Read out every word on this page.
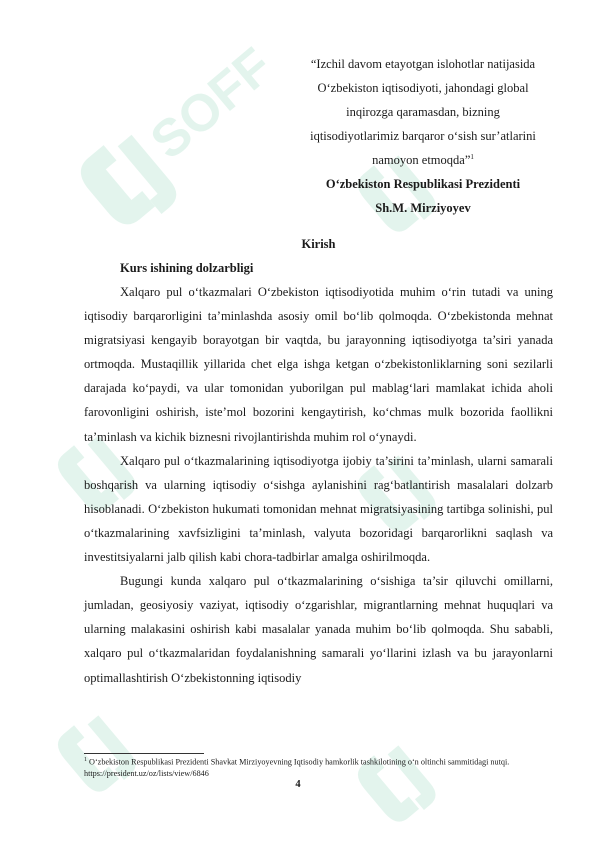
SOFF	“Izchil davom etayotgan islohotlar natijasida
O‘zbekiston iqtisodiyoti, jahondagi global
inqirozga qaramasdan, bizning
iqtisodiyotlarimiz barqaror o‘sish sur’atlarini
namoyon etmoqda”$^1$
O‘zbekiston Respublikasi Prezidenti
Sh.M. Mirziyoyev
Kirish
Kurs ishining dolzarbligi

Xalqaro pul o‘tkazmalari O‘zbekiston iqtisodiyotida muhim o‘rin tutadi va uning iqtisodiy barqarorligini ta’minlashda asosiy omil bo‘lib qolmoqda. O‘zbekistonda mehnat migratsiyasi kengayib borayotgan bir vaqtda, bu jarayonning iqtisodiyotga ta’siri yanada ortmoqda. Mustaqillik yillarida chet elga ishga ketgan o‘zbekistonliklarning soni sezilarli darajada ko‘paydi, va ular tomonidan yuborilgan pul mablag‘lari mamlakat ichida aholi farovonligini oshirish, iste’mol bozorini kengaytirish, ko‘chmas mulk bozorida faollikni ta’minlash va kichik biznesni rivojlantirishda muhim rol o‘ynaydi.

Xalqaro pul o‘tkazmalarining iqtisodiyotga ijobiy ta’sirini ta’minlash, ularni samarali boshqarish va ularning iqtisodiy o‘sishga aylanishini rag‘batlantirish masalalari dolzarb hisoblanadi. O‘zbekiston hukumati tomonidan mehnat migratsiyasining tartibga solinishi, pul o‘tkazmalarining xavfsizligini ta’minlash, valyuta bozoridagi barqarorlikni saqlash va investitsiyalarni jalb qilish kabi chora-tadbirlar amalga oshirilmoqda.

Bugungi kunda xalqaro pul o‘tkazmalarining o‘sishiga ta’sir qiluvchi omillarni, jumladan, geosiyosiy vaziyat, iqtisodiy o‘zgarishlar, migrantlarning mehnat huquqlari va ularning malakasini oshirish kabi masalalar yanada muhim bo‘lib qolmoqda. Shu sababli, xalqaro pul o‘tkazmalaridan foydalanishning samarali yo‘llarini izlash va bu jarayonlarni optimallashtirish O‘zbekistonning iqtisodiy

$^1$ O‘zbekiston Respublikasi Prezidenti Shavkat Mirziyoyevning Iqtisodiy hamkorlik tashkilotining o‘n oltinchi sammitidagi nutqi. https://president.uz/oz/lists/view/6846
4
